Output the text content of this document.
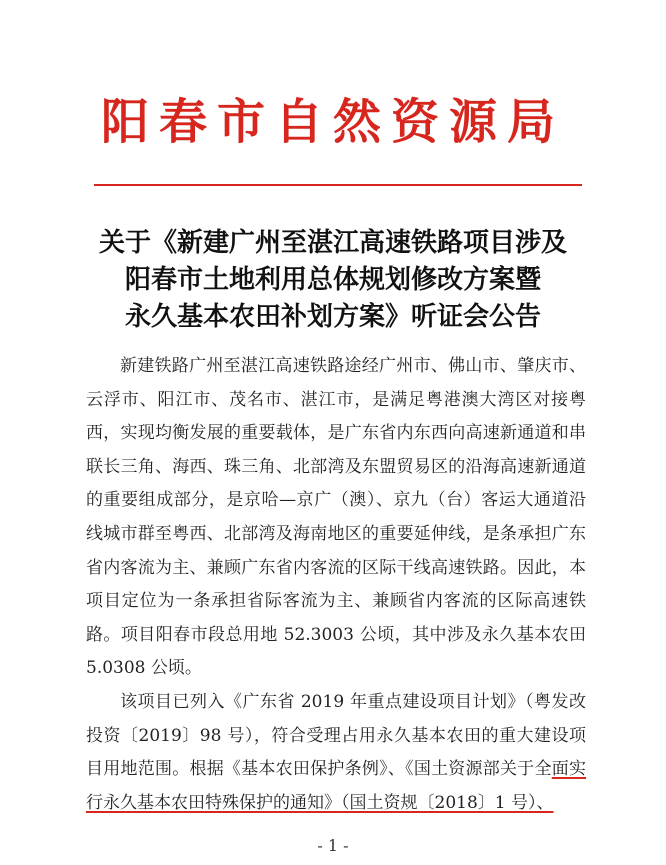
阳春市自然资源局
关于《新建广州至湛江高速铁路项目涉及
阳春市土地利用总体规划修改方案暨
永久基本农田补划方案》听证会公告

新建铁路广州至湛江高速铁路途经广州市、佛山市、肇庆市、云浮市、阳江市、茂名市、湛江市，是满足粤港澳大湾区对接粤西，实现均衡发展的重要载体，是广东省内东西向高速新通道和串联长三角、海西、珠三角、北部湾及东盟贸易区的沿海高速新通道的重要组成部分，是京哈—京广（澳）、京九（台）客运大通道沿线城市群至粤西、北部湾及海南地区的重要延伸线，是条承担广东省内客流为主、兼顾广东省内客流的区际干线高速铁路。因此，本项目定位为一条承担省际客流为主、兼顾省内客流的区际高速铁路。项目阳春市段总用地 52.3003 公顷，其中涉及永久基本农田 5.0308 公顷。

该项目已列入《广东省 2019 年重点建设项目计划》（粤发改投资〔2019〕98 号），符合受理占用永久基本农田的重大建设项目用地范围。根据《基本农田保护条例》、《国土资源部关于全面实行永久基本农田特殊保护的通知》（国土资规〔2018〕1 号）、

- 1 -
